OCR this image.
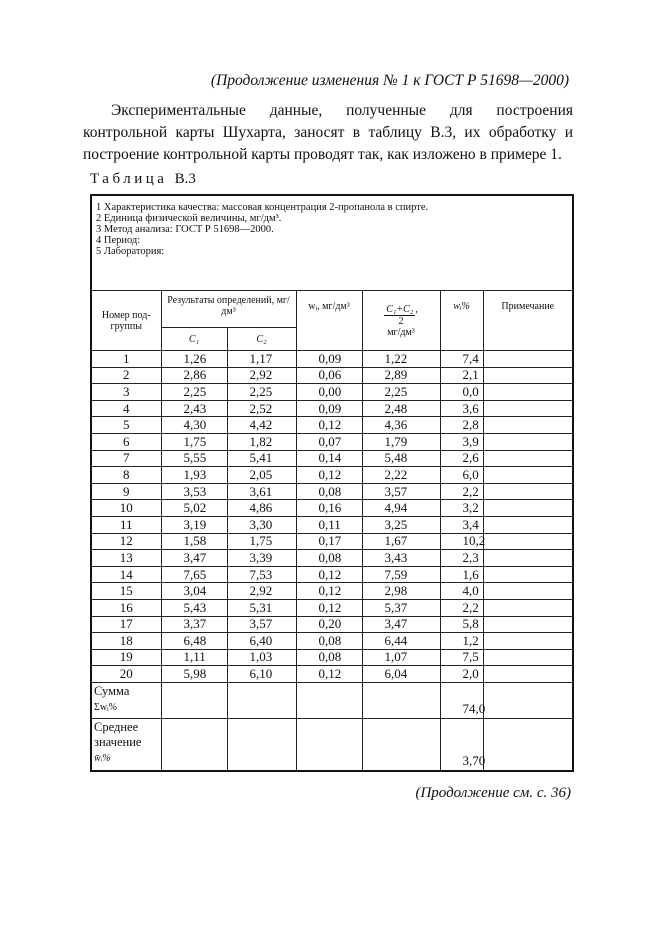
(Продолжение изменения № 1 к ГОСТ Р 51698—2000)
Экспериментальные данные, полученные для построения контрольной карты Шухарта, заносят в таблицу В.3, их обработку и построение контрольной карты проводят так, как изложено в примере 1.
Таблица В.3
1 Характеристика качества: массовая концентрация 2-пропанола в спирте.
2 Единица физической величины, мг/дм³.
3 Метод анализа: ГОСТ Р 51698—2000.
4 Период:
5 Лаборатория:						

Номер под-группы	Результаты определений, мг/дм³		wᵢ, мг/дм³	C₁+C₂ ,
2
мг/дм³	wᵢ%	Примечание
	C₁	C₂				
1	1,26	1,17	0,09	1,22	7,4	
2	2,86	2,92	0,06	2,89	2,1	
3	2,25	2,25	0,00	2,25	0,0	
4	2,43	2,52	0,09	2,48	3,6	
5	4,30	4,42	0,12	4,36	2,8	
6	1,75	1,82	0,07	1,79	3,9	
7	5,55	5,41	0,14	5,48	2,6	
8	1,93	2,05	0,12	2,22	6,0	
9	3,53	3,61	0,08	3,57	2,2	
10	5,02	4,86	0,16	4,94	3,2	
11	3,19	3,30	0,11	3,25	3,4	
12	1,58	1,75	0,17	1,67	10,2	
13	3,47	3,39	0,08	3,43	2,3	
14	7,65	7,53	0,12	7,59	1,6	
15	3,04	2,92	0,12	2,98	4,0	
16	5,43	5,31	0,12	5,37	2,2	
17	3,37	3,57	0,20	3,47	5,8	
18	6,48	6,40	0,08	6,44	1,2	
19	1,11	1,03	0,08	1,07	7,5	
20	5,98	6,10	0,12	6,04	2,0	
Сумма
Σwᵢ%					74,0	
Среднее
значение
w̄ᵢ%					3,70	
(Продолжение см. с. 36)
